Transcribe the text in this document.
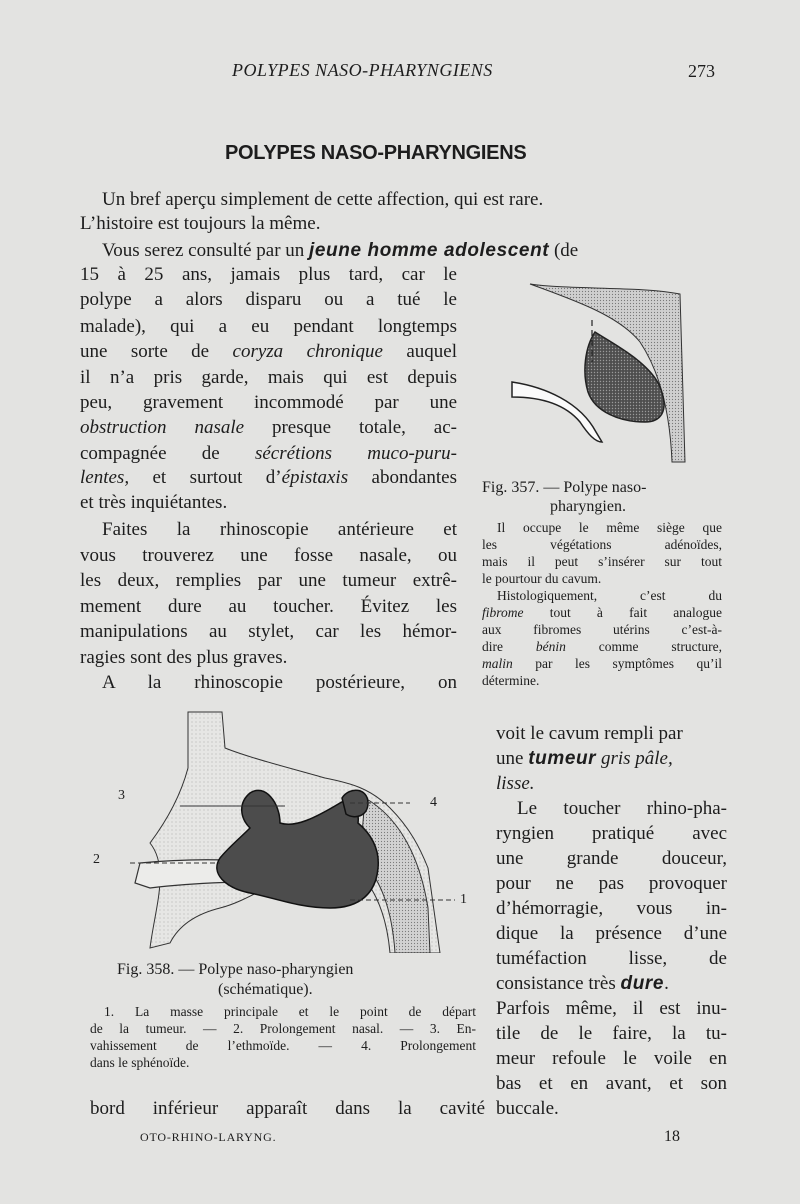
POLYPES NASO-PHARYNGIENS	273
POLYPES NASO-PHARYNGIENS
Un bref aperçu simplement de cette affection, qui est rare.
L’histoire est toujours la même.
Vous serez consulté par un jeune homme adolescent (de
15 à 25 ans, jamais plus tard, car le
polype a alors disparu ou a tué le
malade), qui a eu pendant longtemps
une sorte de coryza chronique auquel
il n’a pris garde, mais qui est depuis
peu, gravement incommodé par une
obstruction nasale presque totale, ac-
compagnée de sécrétions muco-puru-
lentes, et surtout d’épistaxis abondantes
et très inquiétantes.
Faites la rhinoscopie antérieure et
vous trouverez une fosse nasale, ou
les deux, remplies par une tumeur extrê-
mement dure au toucher. Évitez les
manipulations au stylet, car les hémor-
ragies sont des plus graves.
A la rhinoscopie postérieure, on
Fig. 357. — Polype naso-
pharyngien.
Il occupe le même siège que
les végétations adénoïdes,
mais il peut s’insérer sur tout
le pourtour du cavum.
Histologiquement, c’est du
fibrome tout à fait analogue
aux fibromes utérins c’est-à-
dire bénin comme structure,
malin par les symptômes qu’il
détermine.
3	4
2
1
Fig. 358. — Polype naso-pharyngien
(schématique).
1. La masse principale et le point de départ
de la tumeur. — 2. Prolongement nasal. — 3. En-
vahissement de l’ethmoïde. — 4. Prolongement
dans le sphénoïde.
voit le cavum rempli par
une tumeur gris pâle,
lisse.
Le toucher rhino-pha-
ryngien pratiqué avec
une grande douceur,
pour ne pas provoquer
d’hémorragie, vous in-
dique la présence d’une
tuméfaction lisse, de
consistance très dure.
Parfois même, il est inu-
tile de le faire, la tu-
meur refoule le voile en
bas et en avant, et son
bord inférieur apparaît dans la cavité buccale.
OTO-RHINO-LARYNG.	18
